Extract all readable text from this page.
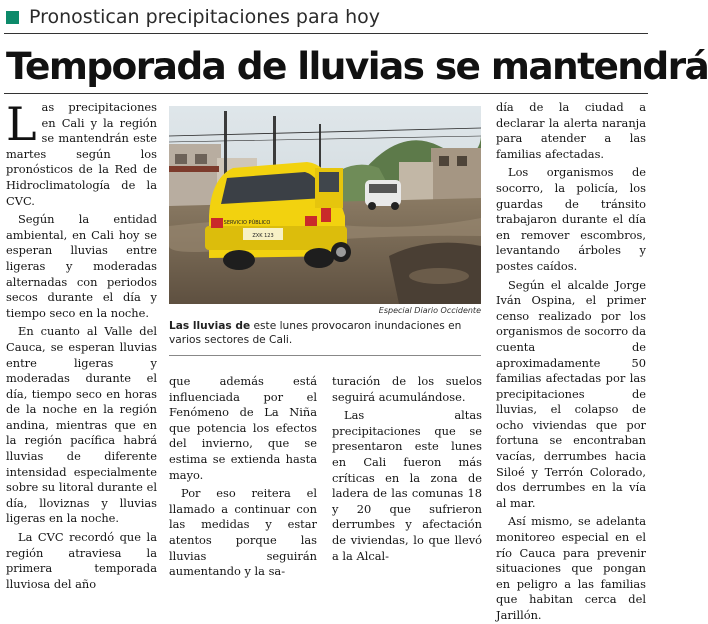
Pronostican precipitaciones para hoy
Temporada de lluvias se mantendrá

Las precipitaciones en Cali y la región se mantendrán este martes según los pronósticos de la Red de Hidroclimatología de la CVC.

Según la entidad ambiental, en Cali hoy se esperan lluvias entre ligeras y moderadas alternadas con periodos secos durante el día y tiempo seco en la noche.

En cuanto al Valle del Cauca, se esperan lluvias entre ligeras y moderadas durante el día, tiempo seco en horas de la noche en la región andina, mientras que en la región pacífica habrá lluvias de diferente intensidad especialmente sobre su litoral durante el día, lloviznas y lluvias ligeras en la noche.

La CVC recordó que la región atraviesa la primera temporada lluviosa del año

ZXK 123
SERVICIO PÚBLICO
Especial Diario Occidente
Las lluvias de este lunes provocaron inundaciones en varios sectores de Cali.

que además está influenciada por el Fenómeno de La Niña que potencia los efectos del invierno, que se estima se extienda hasta mayo.

Por eso reitera el llamado a continuar con las medidas y estar atentos porque las lluvias seguirán aumentando y la sa-

turación de los suelos seguirá acumulándose.

Las altas precipitaciones que se presentaron este lunes en Cali fueron más críticas en la zona de ladera de las comunas 18 y 20 que sufrieron derrumbes y afectación de viviendas, lo que llevó a la Alcal-

día de la ciudad a declarar la alerta naranja para atender a las familias afectadas.

Los organismos de socorro, la policía, los guardas de tránsito trabajaron durante el día en remover escombros, levantando árboles y postes caídos.

Según el alcalde Jorge Iván Ospina, el primer censo realizado por los organismos de socorro da cuenta de aproximadamente 50 familias afectadas por las precipitaciones de lluvias, el colapso de ocho viviendas que por fortuna se encontraban vacías, derrumbes hacia Siloé y Terrón Colorado, dos derrumbes en la vía al mar.

Así mismo, se adelanta monitoreo especial en el río Cauca para prevenir situaciones que pongan en peligro a las familias que habitan cerca del Jarillón.
